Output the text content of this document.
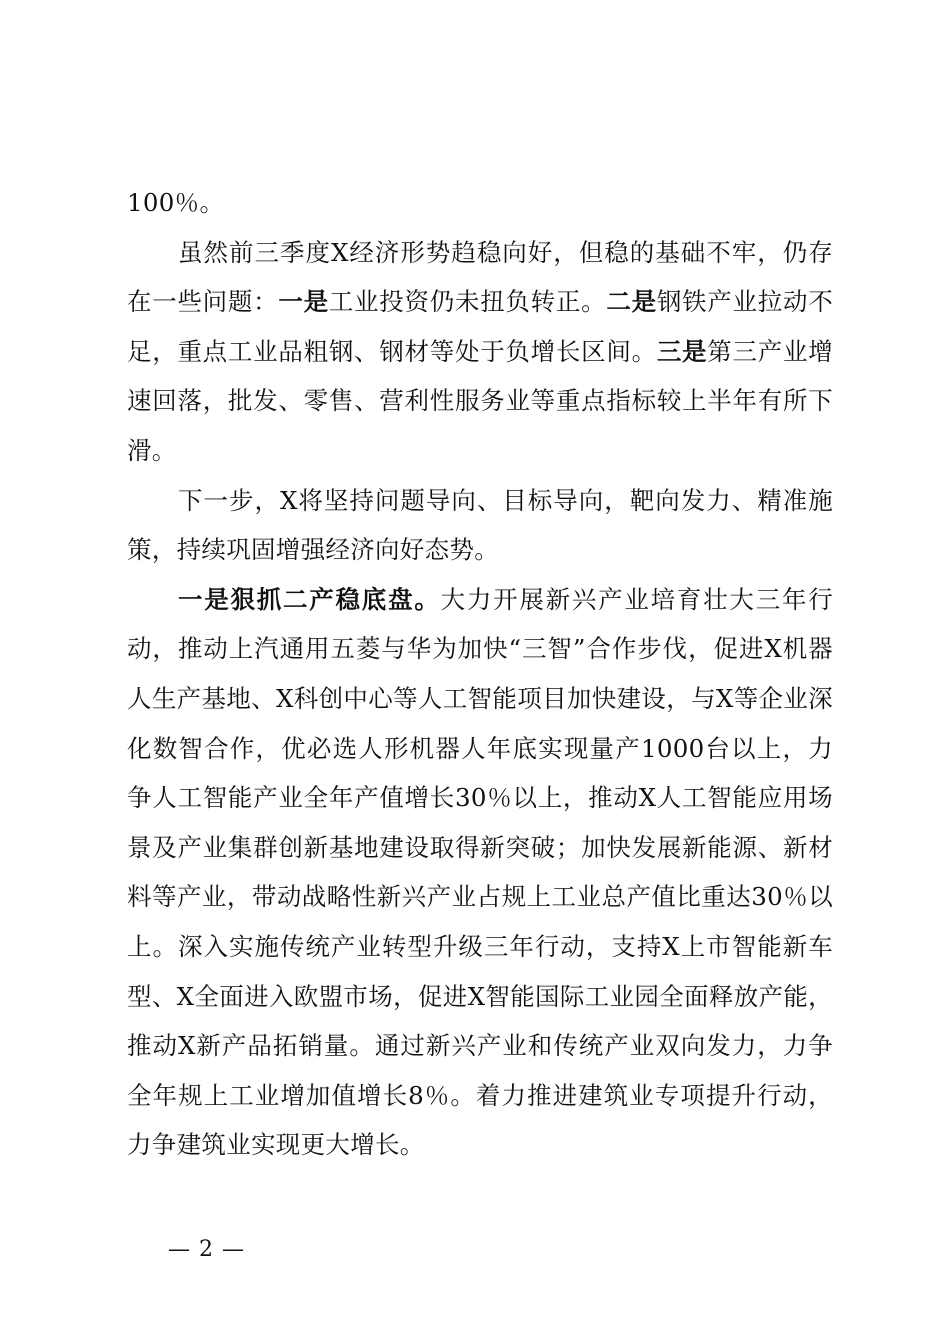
100％。

虽然前三季度X经济形势趋稳向好，但稳的基础不牢，仍存在一些问题：一是工业投资仍未扭负转正。二是钢铁产业拉动不足，重点工业品粗钢、钢材等处于负增长区间。三是第三产业增速回落，批发、零售、营利性服务业等重点指标较上半年有所下滑。

下一步，X将坚持问题导向、目标导向，靶向发力、精准施策，持续巩固增强经济向好态势。

一是狠抓二产稳底盘。大力开展新兴产业培育壮大三年行动，推动上汽通用五菱与华为加快“三智”合作步伐，促进X机器人生产基地、X科创中心等人工智能项目加快建设，与X等企业深化数智合作，优必选人形机器人年底实现量产1000台以上，力争人工智能产业全年产值增长30％以上，推动X人工智能应用场景及产业集群创新基地建设取得新突破；加快发展新能源、新材料等产业，带动战略性新兴产业占规上工业总产值比重达30％以上。深入实施传统产业转型升级三年行动，支持X上市智能新车型、X全面进入欧盟市场，促进X智能国际工业园全面释放产能，推动X新产品拓销量。通过新兴产业和传统产业双向发力，力争全年规上工业增加值增长8％。着力推进建筑业专项提升行动，力争建筑业实现更大增长。

— 2 —
